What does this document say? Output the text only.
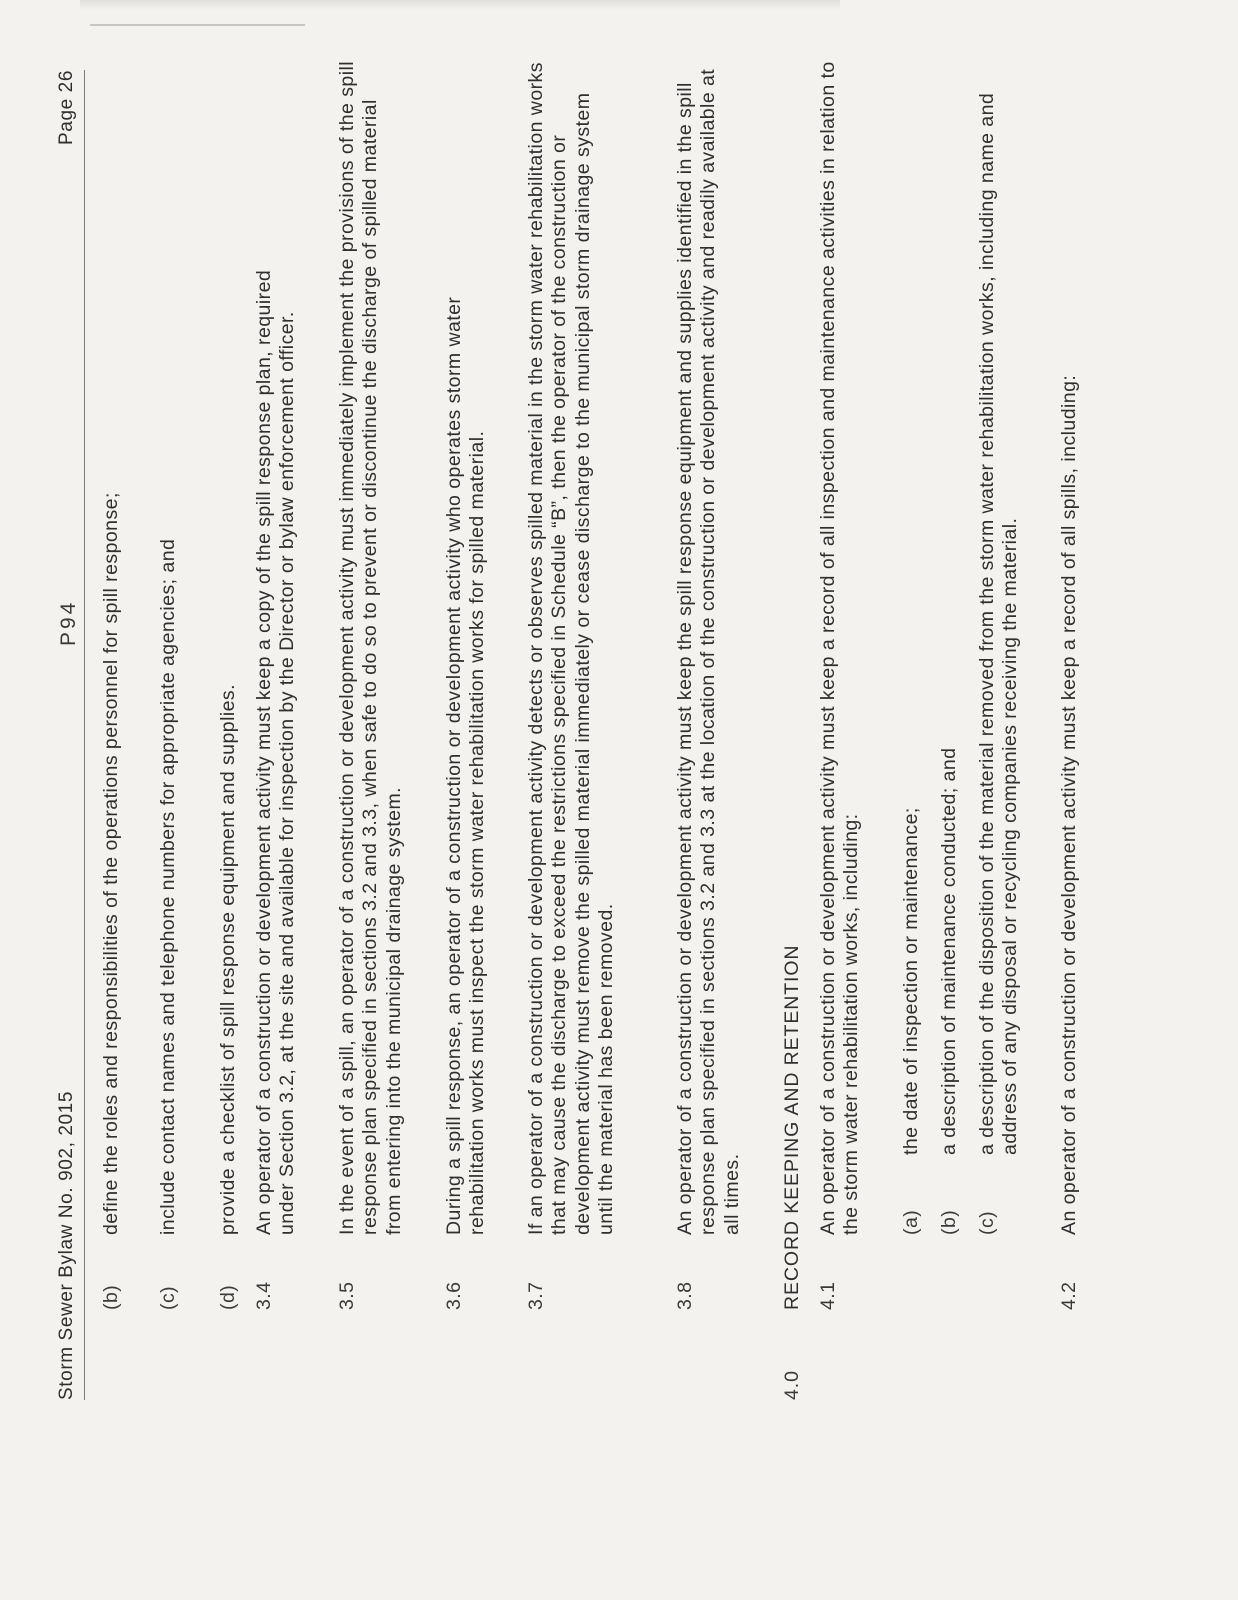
Storm Sewer Bylaw No. 902, 2015
P94
Page 26
(b)
define the roles and responsibilities of the operations personnel for spill response;
(c)
include contact names and telephone numbers for appropriate agencies; and
(d)
provide a checklist of spill response equipment and supplies.
3.4
An operator of a construction or development activity must keep a copy of the spill response plan, required under Section 3.2, at the site and available for inspection by the Director or bylaw enforcement officer.
3.5
In the event of a spill, an operator of a construction or development activity must immediately implement the provisions of the spill response plan specified in sections 3.2 and 3.3, when safe to do so to prevent or discontinue the discharge of spilled material from entering into the municipal drainage system.
3.6
During a spill response, an operator of a construction or development activity who operates storm water rehabilitation works must inspect the storm water rehabilitation works for spilled material.
3.7
If an operator of a construction or development activity detects or observes spilled material in the storm water rehabilitation works that may cause the discharge to exceed the restrictions specified in Schedule “B”, then the operator of the construction or development activity must remove the spilled material immediately or cease discharge to the municipal storm drainage system until the material has been removed.
3.8
An operator of a construction or development activity must keep the spill response equipment and supplies identified in the spill response plan specified in sections 3.2 and 3.3 at the location of the construction or development activity and readily available at all times.
4.0
RECORD KEEPING AND RETENTION 4.1
An operator of a construction or development activity must keep a record of all inspection and maintenance activities in relation to the storm water rehabilitation works, including: (a)
the date of inspection or maintenance;
(b)
a description of maintenance conducted; and
(c)
a description of the disposition of the material removed from the storm water rehabilitation works, including name and address of any disposal or recycling companies receiving the material.
4.2
An operator of a construction or development activity must keep a record of all spills, including:
